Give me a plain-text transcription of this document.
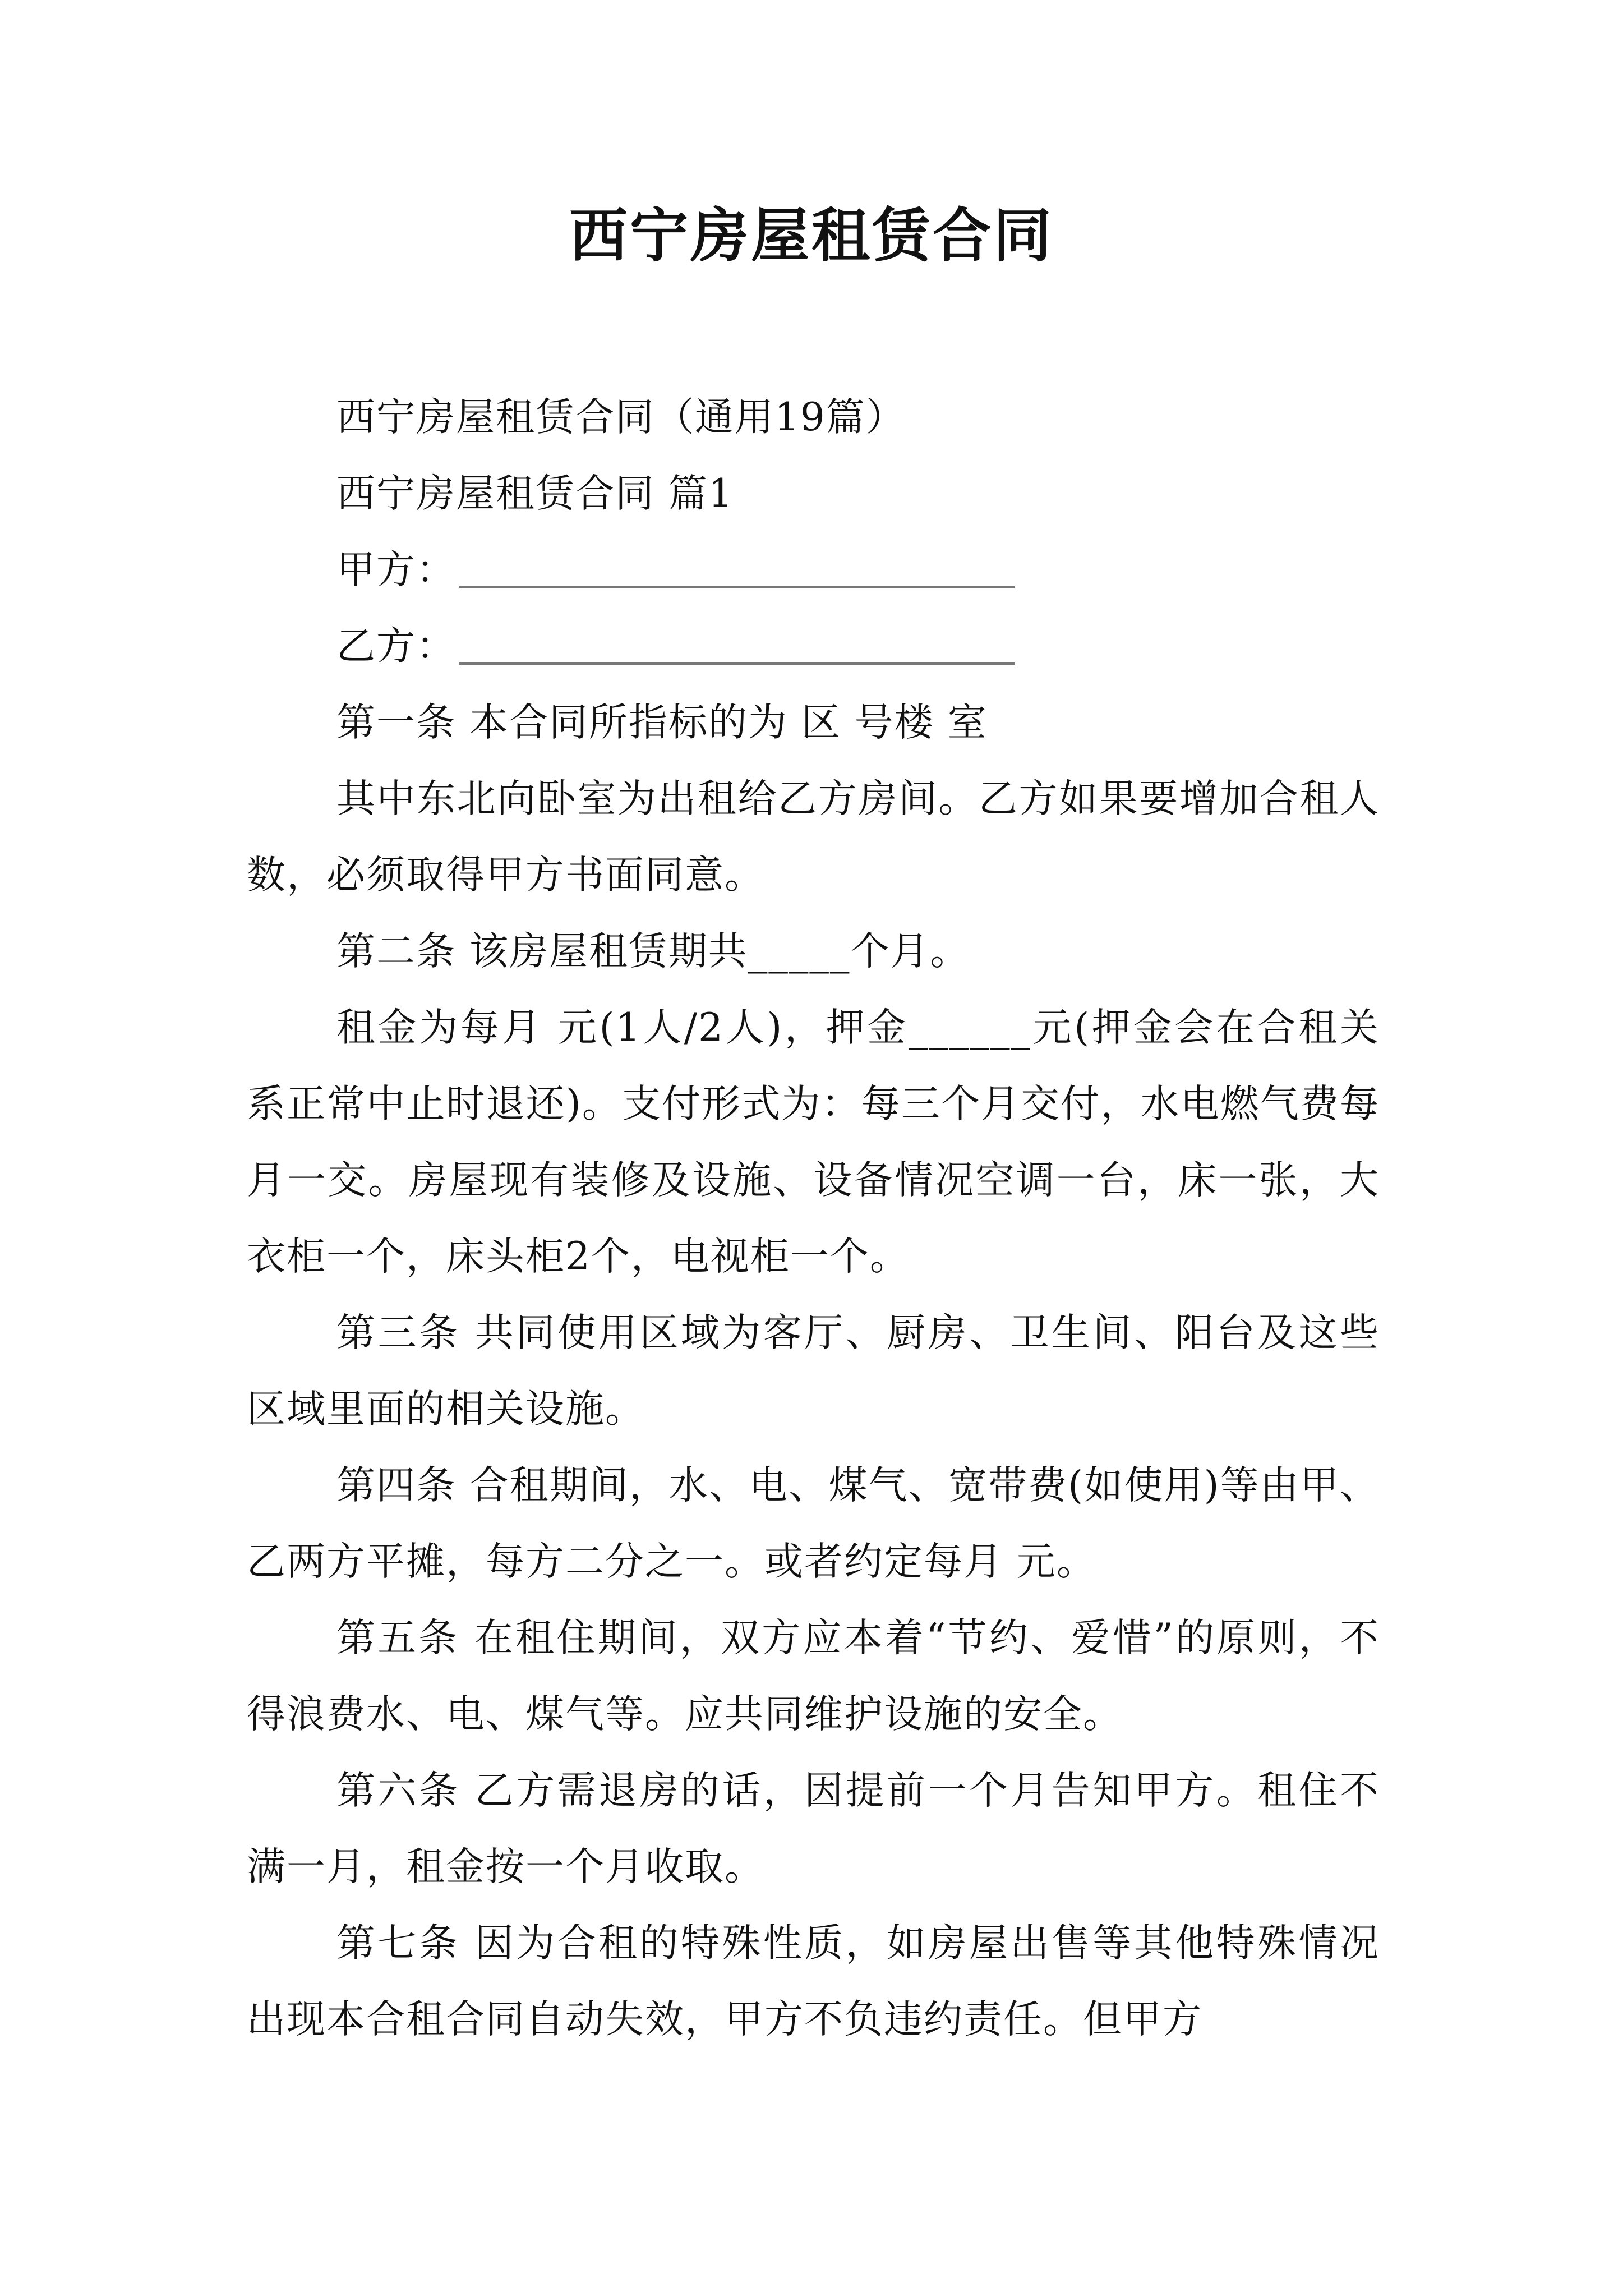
西宁房屋租赁合同

西宁房屋租赁合同（通用19篇）

西宁房屋租赁合同 篇1

甲方：

乙方：

第一条 本合同所指标的为 区 号楼 室

其中东北向卧室为出租给乙方房间。乙方如果要增加合租人数，必须取得甲方书面同意。

第二条 该房屋租赁期共_____个月。

租金为每月 元(1人/2人)，押金______元(押金会在合租关系正常中止时退还)。支付形式为：每三个月交付，水电燃气费每月一交。房屋现有装修及设施、设备情况空调一台，床一张，大衣柜一个，床头柜2个，电视柜一个。

第三条 共同使用区域为客厅、厨房、卫生间、阳台及这些区域里面的相关设施。

第四条 合租期间，水、电、煤气、宽带费(如使用)等由甲、乙两方平摊，每方二分之一。或者约定每月 元。

第五条 在租住期间，双方应本着“节约、爱惜”的原则，不得浪费水、电、煤气等。应共同维护设施的安全。

第六条 乙方需退房的话，因提前一个月告知甲方。租住不满一月，租金按一个月收取。

第七条 因为合租的特殊性质，如房屋出售等其他特殊情况出现本合租合同自动失效，甲方不负违约责任。但甲方
